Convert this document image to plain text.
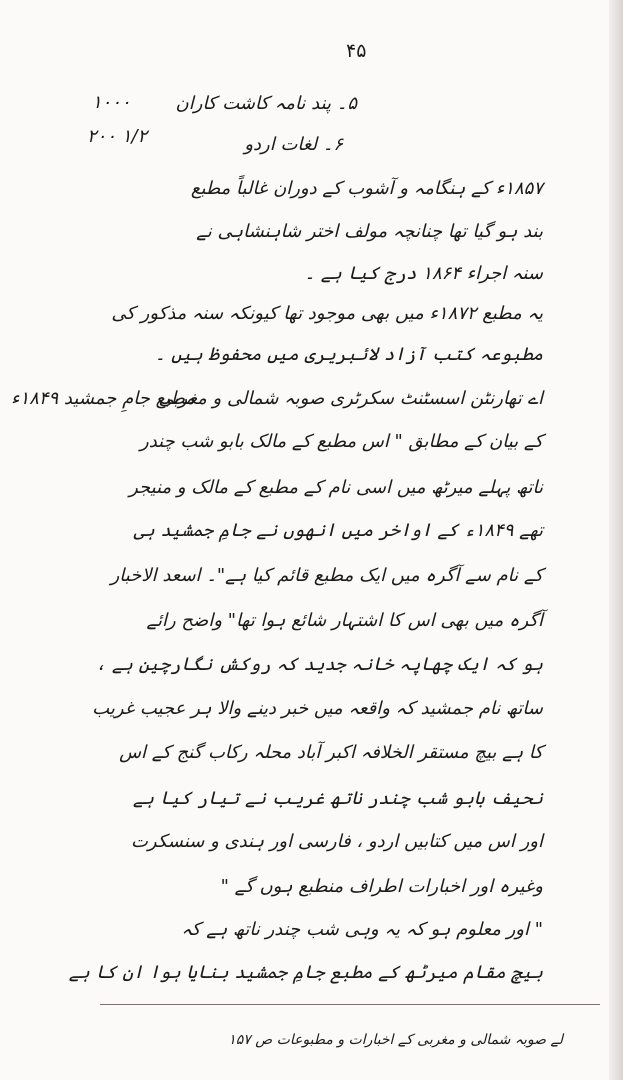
۴۵
۵۔ پند نامہ کاشت کاران
۱۰۰۰
۶۔ لغات اردو
۲۰۰ ۱/۲
۱۸۵۷ء کے ہنگامہ و آشوب کے دوران غالباً مطبع
بند ہو گیا تھا چنانچہ مولف اختر شاہنشاہی نے
سنہ اجراء ۱۸۶۴ درج کیا ہے ۔
یہ مطبع ۱۸۷۲ء میں بھی موجود تھا کیونکہ سنہ مذکور کی
مطبوعہ کتب آزاد لائبریری میں محفوظ ہیں ۔
مطبع جامِ جمشید ۱۸۴۹ء
اے تھارنٹن اسسٹنٹ سکرٹری صوبہ شمالی و مغربی
کے بیان کے مطابق " اس مطبع کے مالک بابو شب چندر
ناتھ پہلے میرٹھ میں اسی نام کے مطبع کے مالک و منیجر
تھے ۱۸۴۹ء کے اواخر میں انھوں نے جامِ جمشید ہی
کے نام سے آگرہ میں ایک مطبع قائم کیا ہے"۔ اسعد الاخبار
آگرہ میں بھی اس کا اشتہار شائع ہوا تھا" واضح رائے
ہو کہ ایک چھاپہ خانہ جدید کہ روکش نگارچین ہے ،
ساتھ نام جمشید کہ واقعہ میں خبر دینے والا ہر عجیب غریب
کا ہے بیچ مستقر الخلافہ اکبر آباد محلہ رکاب گنج کے اس
نحیف بابو شب چندر ناتھ غریب نے تیار کیا ہے
اور اس میں کتابیں اردو ، فارسی اور ہندی و سنسکرت
وغیرہ اور اخبارات اطراف منطبع ہوں گے "
" اور معلوم ہو کہ یہ وہی شب چندر ناتھ ہے کہ
بیچ مقام میرٹھ کے مطبع جامِ جمشید بنایا ہوا ان کا ہے
لے صوبہ شمالی و مغربی کے اخبارات و مطبوعات ص ۱۵۷
